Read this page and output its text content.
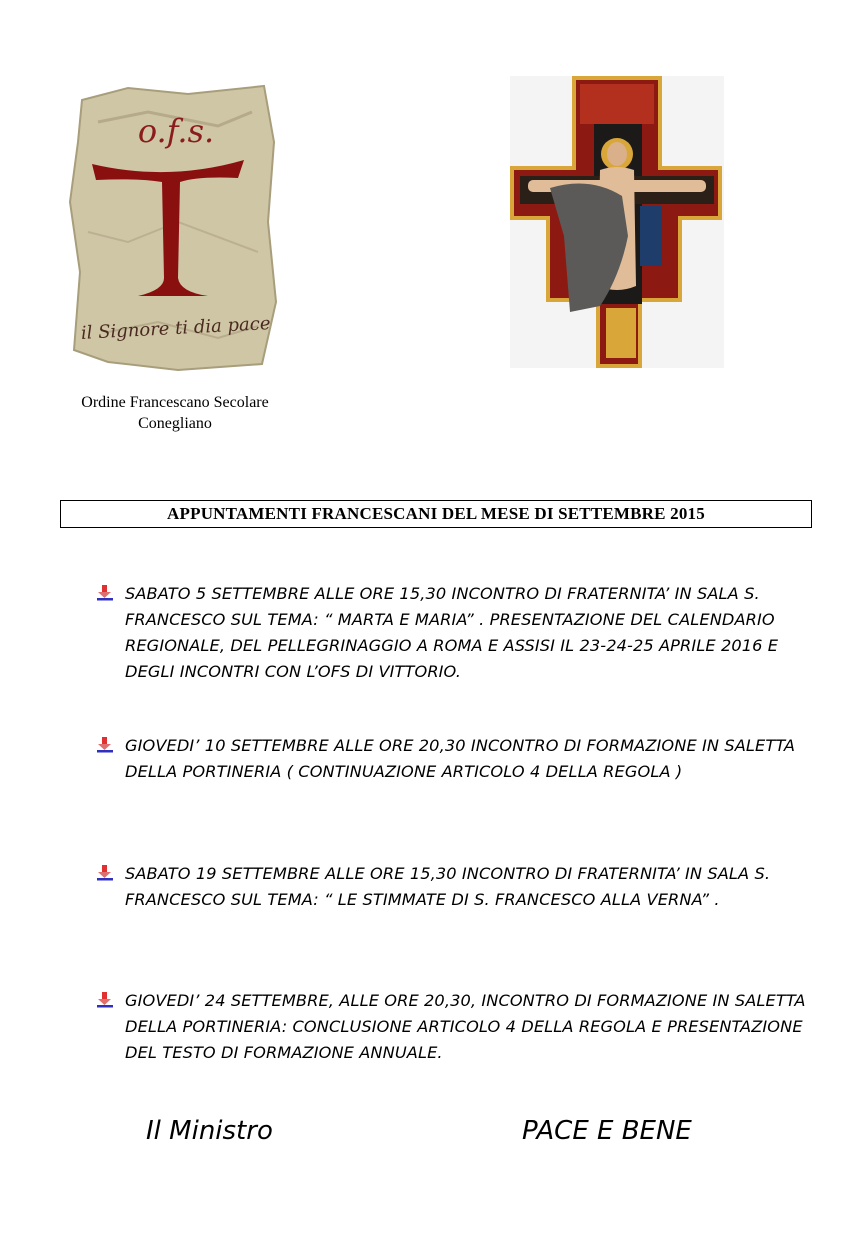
o.f.s.
il Signore ti dia pace
Ordine Francescano Secolare
Conegliano
APPUNTAMENTI FRANCESCANI DEL MESE DI SETTEMBRE 2015
SABATO 5 SETTEMBRE ALLE ORE 15,30 INCONTRO DI FRATERNITA’ IN SALA S. FRANCESCO SUL TEMA: “ MARTA E MARIA” . PRESENTAZIONE DEL CALENDARIO REGIONALE, DEL PELLEGRINAGGIO A ROMA E ASSISI IL 23-24-25 APRILE 2016 E DEGLI INCONTRI CON L’OFS DI VITTORIO.
GIOVEDI’ 10 SETTEMBRE ALLE ORE 20,30 INCONTRO DI FORMAZIONE IN SALETTA DELLA PORTINERIA ( CONTINUAZIONE ARTICOLO 4 DELLA REGOLA )
SABATO 19 SETTEMBRE ALLE ORE 15,30 INCONTRO DI FRATERNITA’ IN SALA S. FRANCESCO SUL TEMA: “ LE STIMMATE DI S. FRANCESCO ALLA VERNA” .
GIOVEDI’ 24 SETTEMBRE, ALLE ORE 20,30, INCONTRO DI FORMAZIONE IN SALETTA DELLA PORTINERIA: CONCLUSIONE ARTICOLO 4 DELLA REGOLA E PRESENTAZIONE DEL TESTO DI FORMAZIONE ANNUALE.
Il Ministro	PACE E BENE
